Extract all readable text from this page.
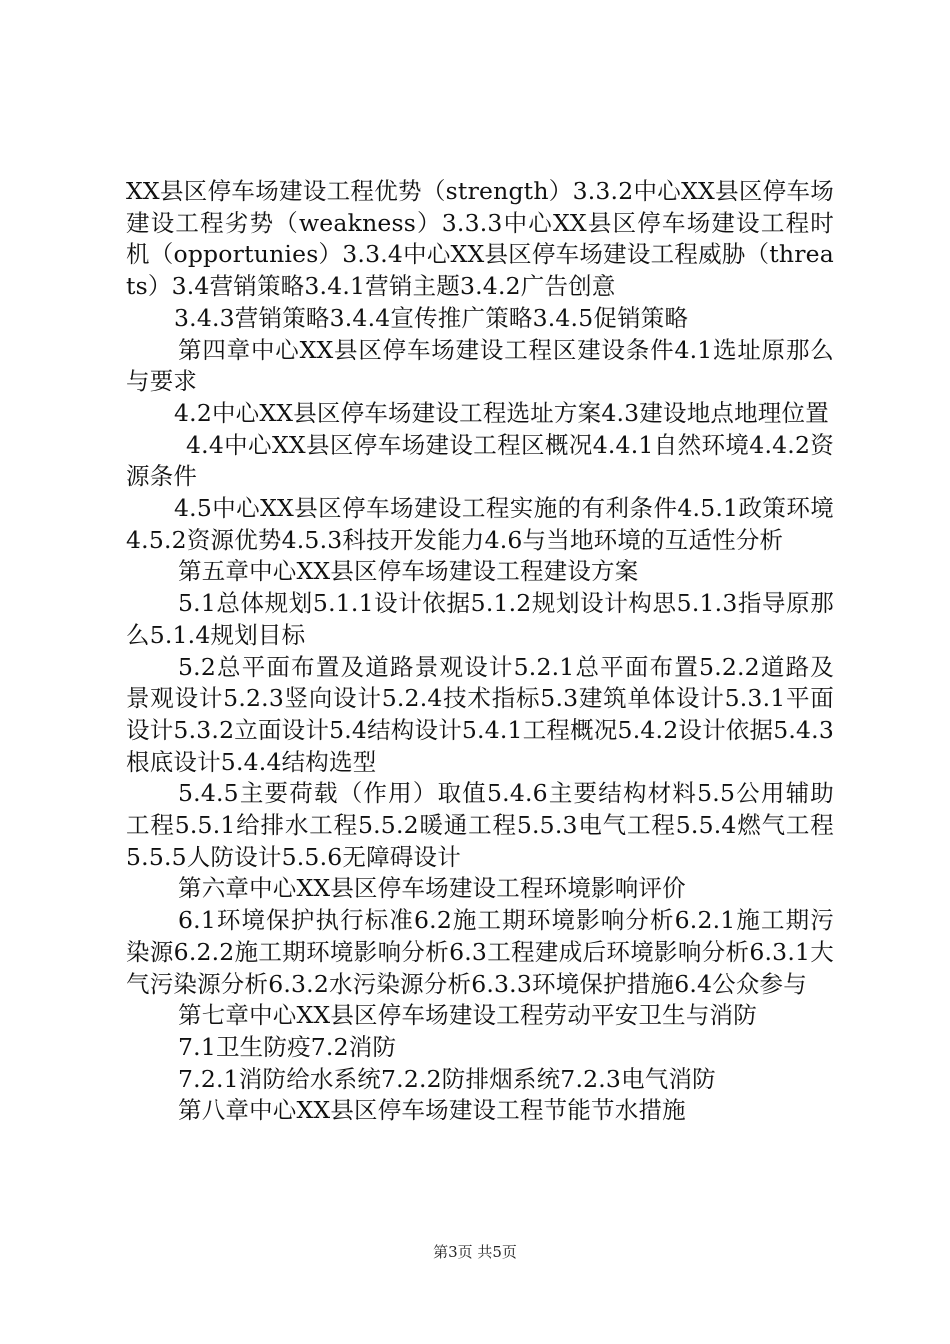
XX县区停车场建设工程优势（strength）3.3.2中心XX县区停车场建设工程劣势（weakness）3.3.3中心XX县区停车场建设工程时机（opportunies）3.3.4中心XX县区停车场建设工程威胁（threats）3.4营销策略3.4.1营销主题3.4.2广告创意

3.4.3营销策略3.4.4宣传推广策略3.4.5促销策略

第四章中心XX县区停车场建设工程区建设条件4.1选址原那么与要求

4.2中心XX县区停车场建设工程选址方案4.3建设地点地理位置

4.4中心XX县区停车场建设工程区概况4.4.1自然环境4.4.2资源条件

4.5中心XX县区停车场建设工程实施的有利条件4.5.1政策环境4.5.2资源优势4.5.3科技开发能力4.6与当地环境的互适性分析

第五章中心XX县区停车场建设工程建设方案

5.1总体规划5.1.1设计依据5.1.2规划设计构思5.1.3指导原那么5.1.4规划目标

5.2总平面布置及道路景观设计5.2.1总平面布置5.2.2道路及景观设计5.2.3竖向设计5.2.4技术指标5.3建筑单体设计5.3.1平面设计5.3.2立面设计5.4结构设计5.4.1工程概况5.4.2设计依据5.4.3根底设计5.4.4结构选型

5.4.5主要荷载（作用）取值5.4.6主要结构材料5.5公用辅助工程5.5.1给排水工程5.5.2暖通工程5.5.3电气工程5.5.4燃气工程5.5.5人防设计5.5.6无障碍设计

第六章中心XX县区停车场建设工程环境影响评价

6.1环境保护执行标准6.2施工期环境影响分析6.2.1施工期污染源6.2.2施工期环境影响分析6.3工程建成后环境影响分析6.3.1大气污染源分析6.3.2水污染源分析6.3.3环境保护措施6.4公众参与

第七章中心XX县区停车场建设工程劳动平安卫生与消防

7.1卫生防疫7.2消防

7.2.1消防给水系统7.2.2防排烟系统7.2.3电气消防

第八章中心XX县区停车场建设工程节能节水措施

第3页 共5页
